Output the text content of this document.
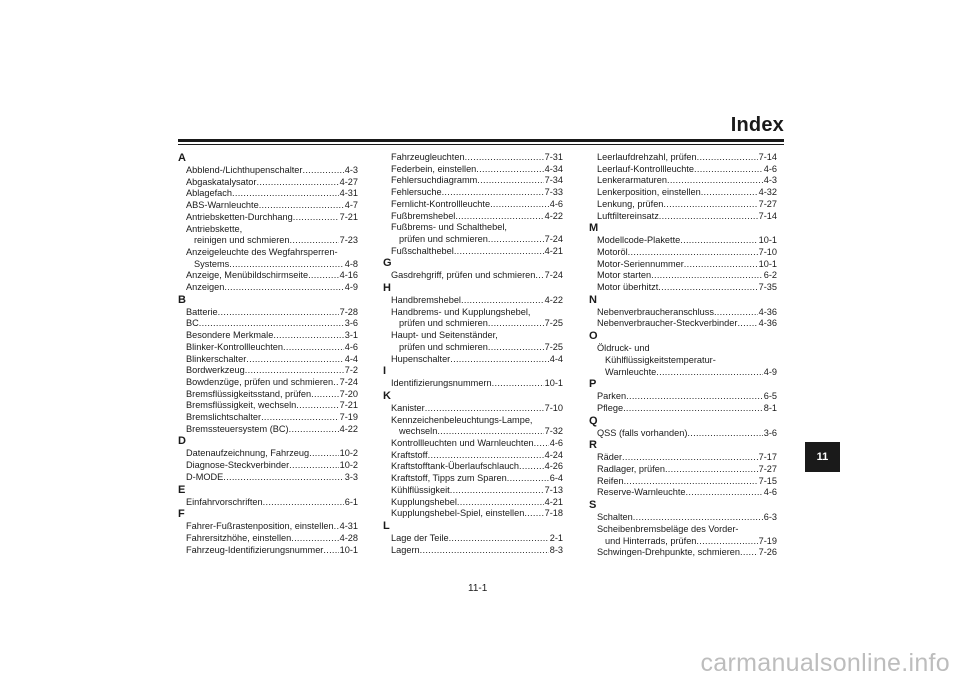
Index
A
Abblend-/Lichthupenschalter .....	4-3
Abgaskatalysator .....	4-27
Ablagefach .....	4-31
ABS-Warnleuchte .....	4-7
Antriebsketten-Durchhang .....	7-21
Antriebskette,
reinigen und schmieren .....	7-23
Anzeigeleuchte des Wegfahrsperren-
Systems .....	4-8
Anzeige, Menübildschirmseite .....	4-16
Anzeigen .....	4-9
B
Batterie .....	7-28
BC .....	3-6
Besondere Merkmale .....	3-1
Blinker-Kontrollleuchten .....	4-6
Blinkerschalter .....	4-4
Bordwerkzeug .....	7-2
Bowdenzüge, prüfen und schmieren ..... 7-24
Bremsflüssigkeitsstand, prüfen .....	7-20
Bremsflüssigkeit, wechseln .....	7-21
Bremslichtschalter .....	7-19
Bremssteuersystem (BC) .....	4-22
D
Datenaufzeichnung, Fahrzeug .....	10-2
Diagnose-Steckverbinder .....	10-2
D-MODE .....	3-3
E
Einfahrvorschriften .....	6-1
F
Fahrer-Fußrastenposition, einstellen ..... 4-31
Fahrersitzhöhe, einstellen .....	4-28
Fahrzeug-Identifizierungsnummer ..... 10-1
Fahrzeugleuchten .....	7-31
Federbein, einstellen .....	4-34
Fehlersuchdiagramm .....	7-34
Fehlersuche .....	7-33
Fernlicht-Kontrollleuchte .....	4-6
Fußbremshebel .....	4-22
Fußbrems- und Schalthebel,
prüfen und schmieren .....	7-24
Fußschalthebel .....	4-21
G
Gasdrehgriff, prüfen und schmieren ..... 7-24
H
Handbremshebel .....	4-22
Handbrems- und Kupplungshebel,
prüfen und schmieren .....	7-25
Haupt- und Seitenständer,
prüfen und schmieren .....	7-25
Hupenschalter .....	4-4
I
Identifizierungsnummern .....	10-1
K
Kanister .....	7-10
Kennzeichenbeleuchtungs-Lampe,
wechseln .....	7-32
Kontrollleuchten und Warnleuchten ..... 4-6
Kraftstoff .....	4-24
Kraftstofftank-Überlaufschlauch .....	4-26
Kraftstoff, Tipps zum Sparen .....	6-4
Kühlflüssigkeit .....	7-13
Kupplungshebel .....	4-21
Kupplungshebel-Spiel, einstellen ..... 7-18
L
Lage der Teile .....	2-1
Lagern .....	8-3
Leerlaufdrehzahl, prüfen .....	7-14
Leerlauf-Kontrollleuchte .....	4-6
Lenkerarmaturen .....	4-3
Lenkerposition, einstellen .....	4-32
Lenkung, prüfen .....	7-27
Luftfiltereinsatz .....	7-14
M
Modellcode-Plakette .....	10-1
Motoröl .....	7-10
Motor-Seriennummer .....	10-1
Motor starten .....	6-2
Motor überhitzt .....	7-35
N
Nebenverbraucheranschluss .....	4-36
Nebenverbraucher-Steckverbinder ..... 4-36
O
Öldruck- und
Kühlflüssigkeitstemperatur-
Warnleuchte .....	4-9
P
Parken .....	6-5
Pflege .....	8-1
Q
QSS (falls vorhanden) .....	3-6
R
Räder .....	7-17
Radlager, prüfen .....	7-27
Reifen .....	7-15
Reserve-Warnleuchte .....	4-6
S
Schalten .....	6-3
Scheibenbremsbeläge des Vorder-
und Hinterrads, prüfen .....	7-19
Schwingen-Drehpunkte, schmieren ..... 7-26
11
11-1
carmanualsonline.info
